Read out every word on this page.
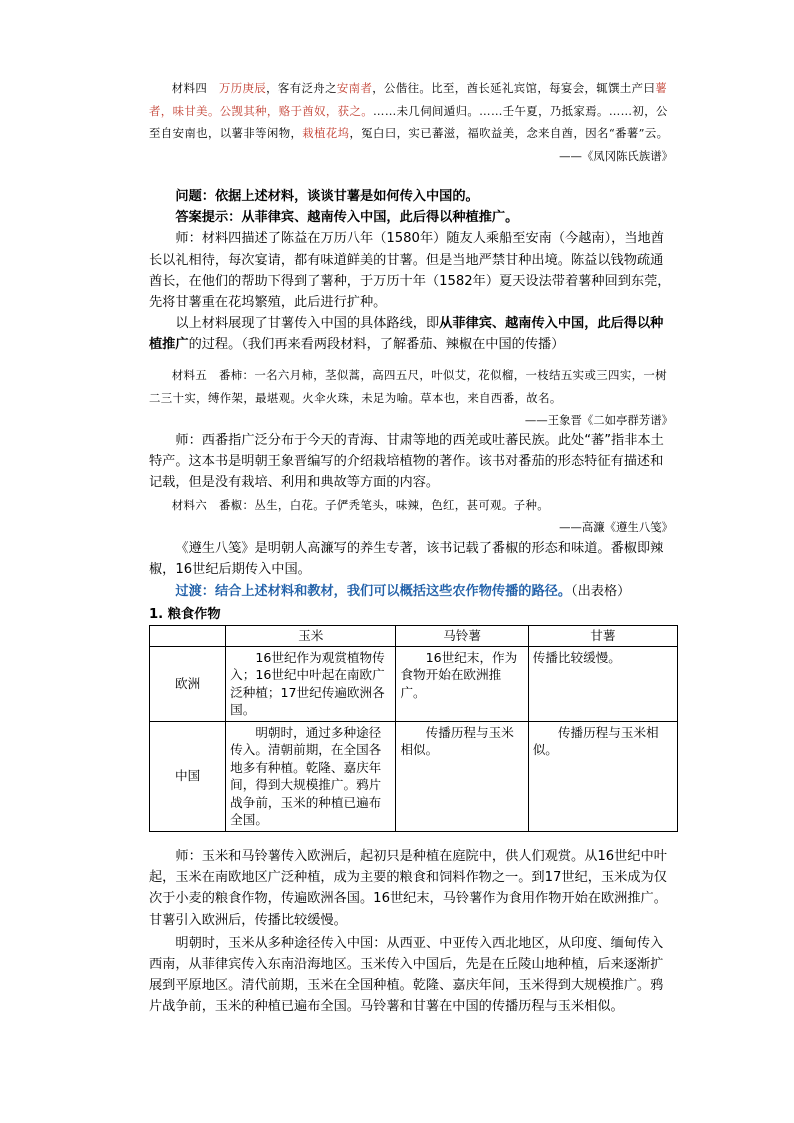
材料四　万历庚辰，客有泛舟之安南者，公偕往。比至，酋长延礼宾馆，每宴会，辄馔土产曰薯者，味甘美。公觊其种，赂于酋奴，获之。……未几伺间遁归。……壬午夏，乃抵家焉。……初，公至自安南也，以薯非等闲物，栽植花坞，冤白曰，实已蕃滋，福吹益美，念来自酋，因名“番薯”云。

——《凤冈陈氏族谱》

问题：依据上述材料，谈谈甘薯是如何传入中国的。

答案提示：从菲律宾、越南传入中国，此后得以种植推广。

师：材料四描述了陈益在万历八年（1580年）随友人乘船至安南（今越南），当地酋长以礼相待，每次宴请，都有味道鲜美的甘薯。但是当地严禁甘种出境。陈益以钱物疏通酋长，在他们的帮助下得到了薯种，于万历十年（1582年）夏天设法带着薯种回到东莞，先将甘薯重在花坞繁殖，此后进行扩种。

以上材料展现了甘薯传入中国的具体路线，即从菲律宾、越南传入中国，此后得以种植推广的过程。（我们再来看两段材料，了解番茄、辣椒在中国的传播）

材料五　番柿：一名六月柿，茎似蒿，高四五尺，叶似艾，花似榴，一枝结五实或三四实，一树二三十实，缚作架，最堪观。火伞火珠，未足为喻。草本也，来自西番，故名。

——王象晋《二如亭群芳谱》

师：西番指广泛分布于今天的青海、甘肃等地的西羌或吐蕃民族。此处“蕃”指非本土特产。这本书是明朝王象晋编写的介绍栽培植物的著作。该书对番茄的形态特征有描述和记载，但是没有栽培、利用和典故等方面的内容。

材料六　番椒：丛生，白花。子俨秃笔头，味辣，色红，甚可观。子种。

——高濂《遵生八笺》

《遵生八笺》是明朝人高濂写的养生专著，该书记载了番椒的形态和味道。番椒即辣椒，16世纪后期传入中国。

过渡：结合上述材料和教材，我们可以概括这些农作物传播的路径。（出表格）

1. 粮食作物

	玉米	马铃薯	甘薯
欧洲	16世纪作为观赏植物传入；16世纪中叶起在南欧广泛种植；17世纪传遍欧洲各国。	16世纪末，作为食物开始在欧洲推广。	传播比较缓慢。
中国	明朝时，通过多种途径传入。清朝前期，在全国各地多有种植。乾隆、嘉庆年间，得到大规模推广。鸦片战争前，玉米的种植已遍布全国。	传播历程与玉米相似。	传播历程与玉米相似。

师：玉米和马铃薯传入欧洲后，起初只是种植在庭院中，供人们观赏。从16世纪中叶起，玉米在南欧地区广泛种植，成为主要的粮食和饲料作物之一。到17世纪，玉米成为仅次于小麦的粮食作物，传遍欧洲各国。16世纪末，马铃薯作为食用作物开始在欧洲推广。甘薯引入欧洲后，传播比较缓慢。

明朝时，玉米从多种途径传入中国：从西亚、中亚传入西北地区，从印度、缅甸传入西南，从菲律宾传入东南沿海地区。玉米传入中国后，先是在丘陵山地种植，后来逐渐扩展到平原地区。清代前期，玉米在全国种植。乾隆、嘉庆年间，玉米得到大规模推广。鸦片战争前，玉米的种植已遍布全国。马铃薯和甘薯在中国的传播历程与玉米相似。
